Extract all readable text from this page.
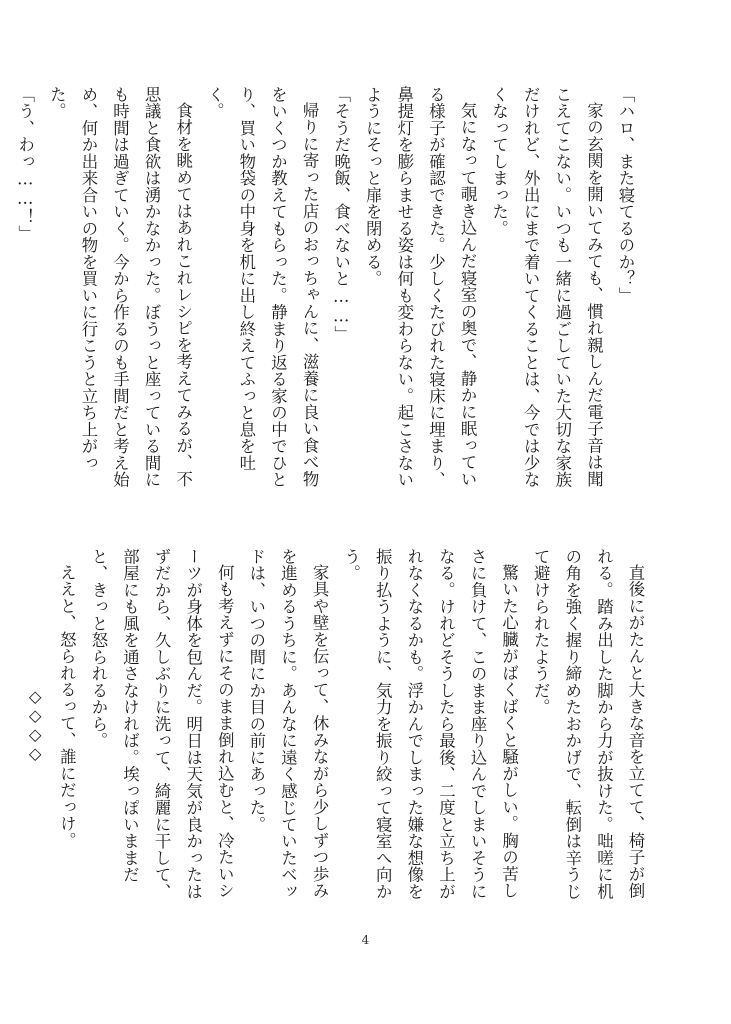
「ハロ、また寝てるのか？」

家の玄関を開いてみても、慣れ親しんだ電子音は聞こえてこない。いつも一緒に過ごしていた大切な家族だけれど、外出にまで着いてくることは、今では少なくなってしまった。

気になって覗き込んだ寝室の奥で、静かに眠っている様子が確認できた。少しくたびれた寝床に埋まり、鼻提灯を膨らませる姿は何も変わらない。起こさないようにそっと扉を閉める。

「そうだ晩飯、食べないと……」

帰りに寄った店のおっちゃんに、滋養に良い食べ物をいくつか教えてもらった。静まり返る家の中でひとり、買い物袋の中身を机に出し終えてふっと息を吐く。

食材を眺めてはあれこれレシピを考えてみるが、不思議と食欲は湧かなかった。ぼうっと座っている間にも時間は過ぎていく。今から作るのも手間だと考え始め、何か出来合いの物を買いに行こうと立ち上がった。

「う、わっ……！」

直後にがたんと大きな音を立てて、椅子が倒れる。踏み出した脚から力が抜けた。咄嗟に机の角を強く握り締めたおかげで、転倒は辛うじて避けられたようだ。

驚いた心臓がばくばくと騒がしい。胸の苦しさに負けて、このまま座り込んでしまいそうになる。けれどそうしたら最後、二度と立ち上がれなくなるかも。浮かんでしまった嫌な想像を振り払うように、気力を振り絞って寝室へ向かう。

家具や壁を伝って、休みながら少しずつ歩みを進めるうちに。あんなに遠く感じていたベッドは、いつの間にか目の前にあった。

何も考えずにそのまま倒れ込むと、冷たいシーツが身体を包んだ。明日は天気が良かったはずだから、久しぶりに洗って、綺麗に干して、部屋にも風を通さなければ。埃っぽいままだと、きっと怒られるから。

ええと、怒られるって、誰にだっけ。

◇◇◇◇

4
